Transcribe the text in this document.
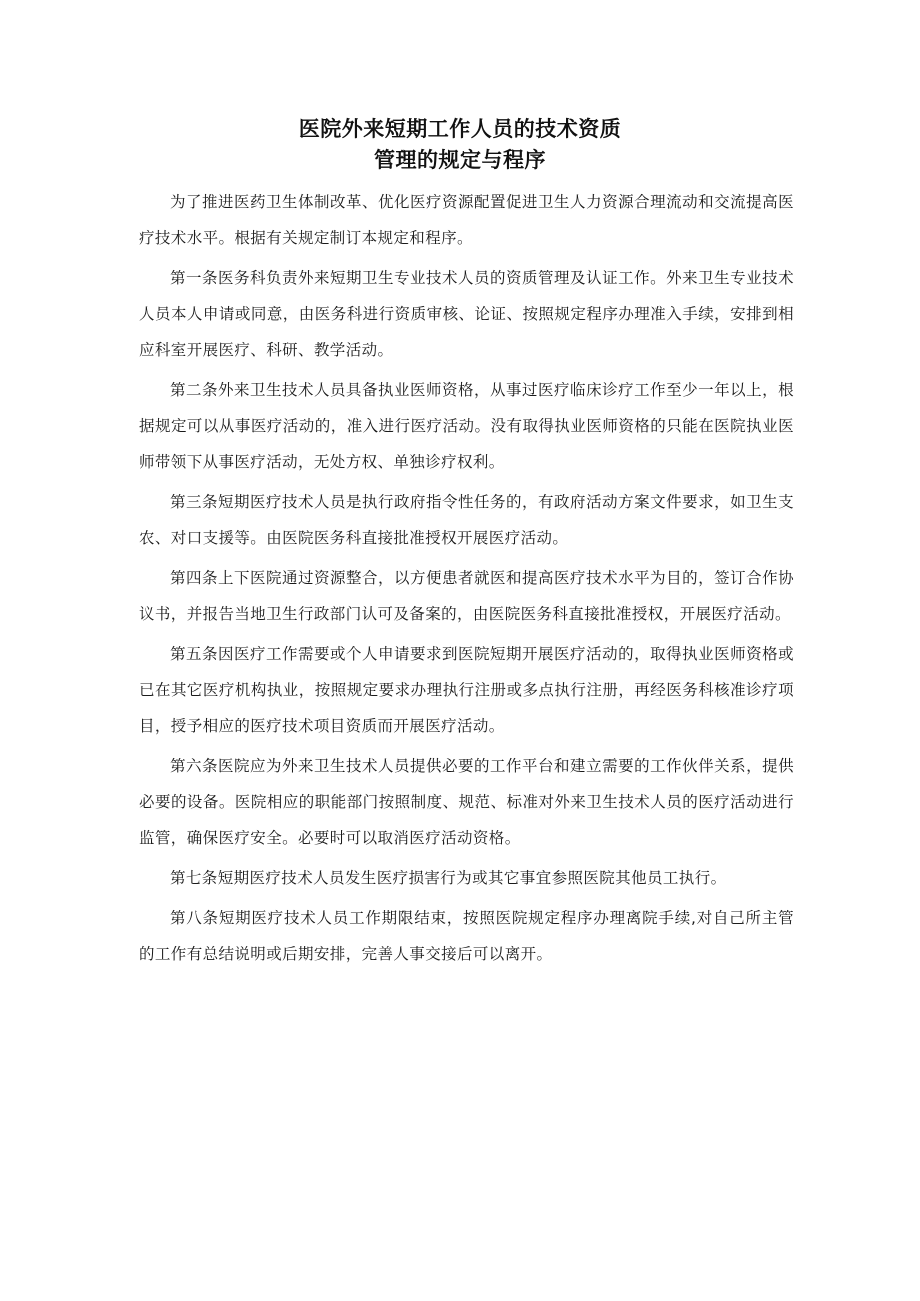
医院外来短期工作人员的技术资质
管理的规定与程序

为了推进医药卫生体制改革、优化医疗资源配置促进卫生人力资源合理流动和交流提高医疗技术水平。根据有关规定制订本规定和程序。

第一条医务科负责外来短期卫生专业技术人员的资质管理及认证工作。外来卫生专业技术人员本人申请或同意，由医务科进行资质审核、论证、按照规定程序办理准入手续，安排到相应科室开展医疗、科研、教学活动。

第二条外来卫生技术人员具备执业医师资格，从事过医疗临床诊疗工作至少一年以上，根据规定可以从事医疗活动的，准入进行医疗活动。没有取得执业医师资格的只能在医院执业医师带领下从事医疗活动，无处方权、单独诊疗权利。

第三条短期医疗技术人员是执行政府指令性任务的，有政府活动方案文件要求，如卫生支农、对口支援等。由医院医务科直接批准授权开展医疗活动。

第四条上下医院通过资源整合，以方便患者就医和提高医疗技术水平为目的，签订合作协议书，并报告当地卫生行政部门认可及备案的，由医院医务科直接批准授权，开展医疗活动。

第五条因医疗工作需要或个人申请要求到医院短期开展医疗活动的，取得执业医师资格或已在其它医疗机构执业，按照规定要求办理执行注册或多点执行注册，再经医务科核准诊疗项目，授予相应的医疗技术项目资质而开展医疗活动。

第六条医院应为外来卫生技术人员提供必要的工作平台和建立需要的工作伙伴关系，提供必要的设备。医院相应的职能部门按照制度、规范、标准对外来卫生技术人员的医疗活动进行监管，确保医疗安全。必要时可以取消医疗活动资格。

第七条短期医疗技术人员发生医疗损害行为或其它事宜参照医院其他员工执行。

第八条短期医疗技术人员工作期限结束，按照医院规定程序办理离院手续,对自己所主管的工作有总结说明或后期安排，完善人事交接后可以离开。
